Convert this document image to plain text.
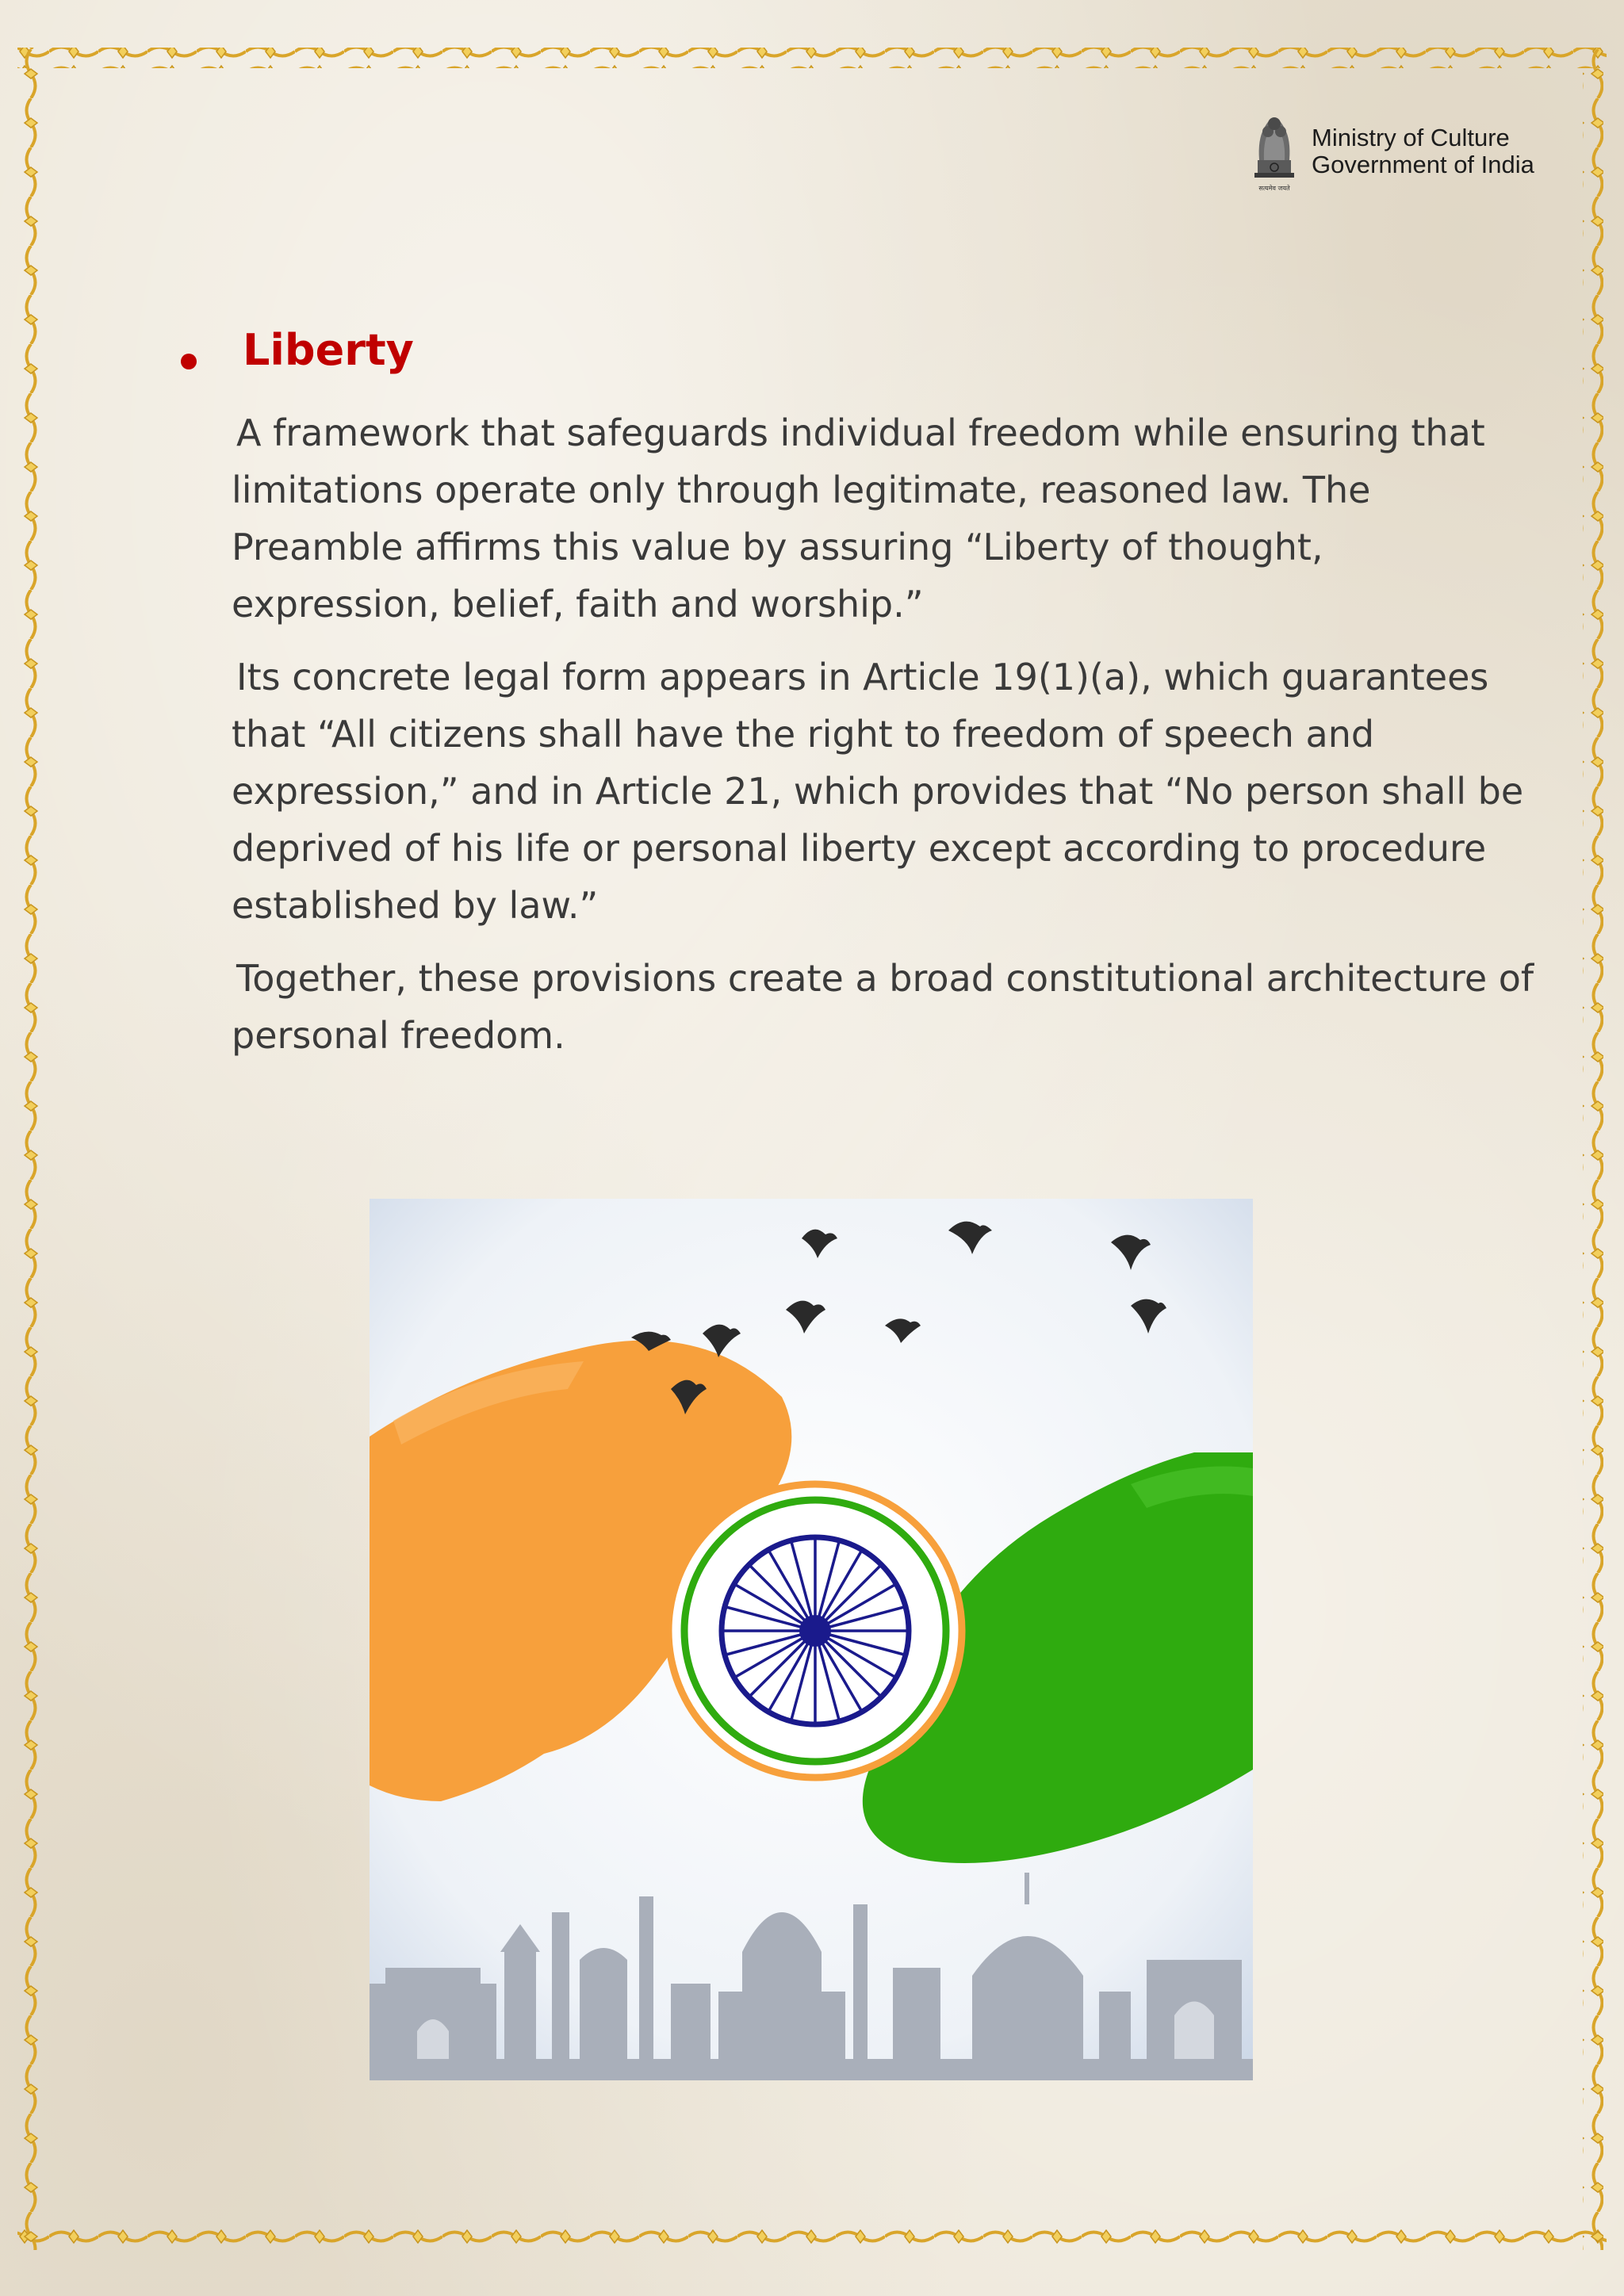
सत्यमेव जयते
Ministry of Culture
Government of India
Liberty

A framework that safeguards individual freedom while ensuring that limitations operate only through legitimate, reasoned law. The Preamble affirms this value by assuring “Liberty of thought, expression, belief, faith and worship.”

Its concrete legal form appears in Article 19(1)(a), which guarantees that “All citizens shall have the right to freedom of speech and expression,” and in Article 21, which provides that “No person shall be deprived of his life or personal liberty except according to procedure established by law.”

Together, these provisions create a broad constitutional architecture of personal freedom.
